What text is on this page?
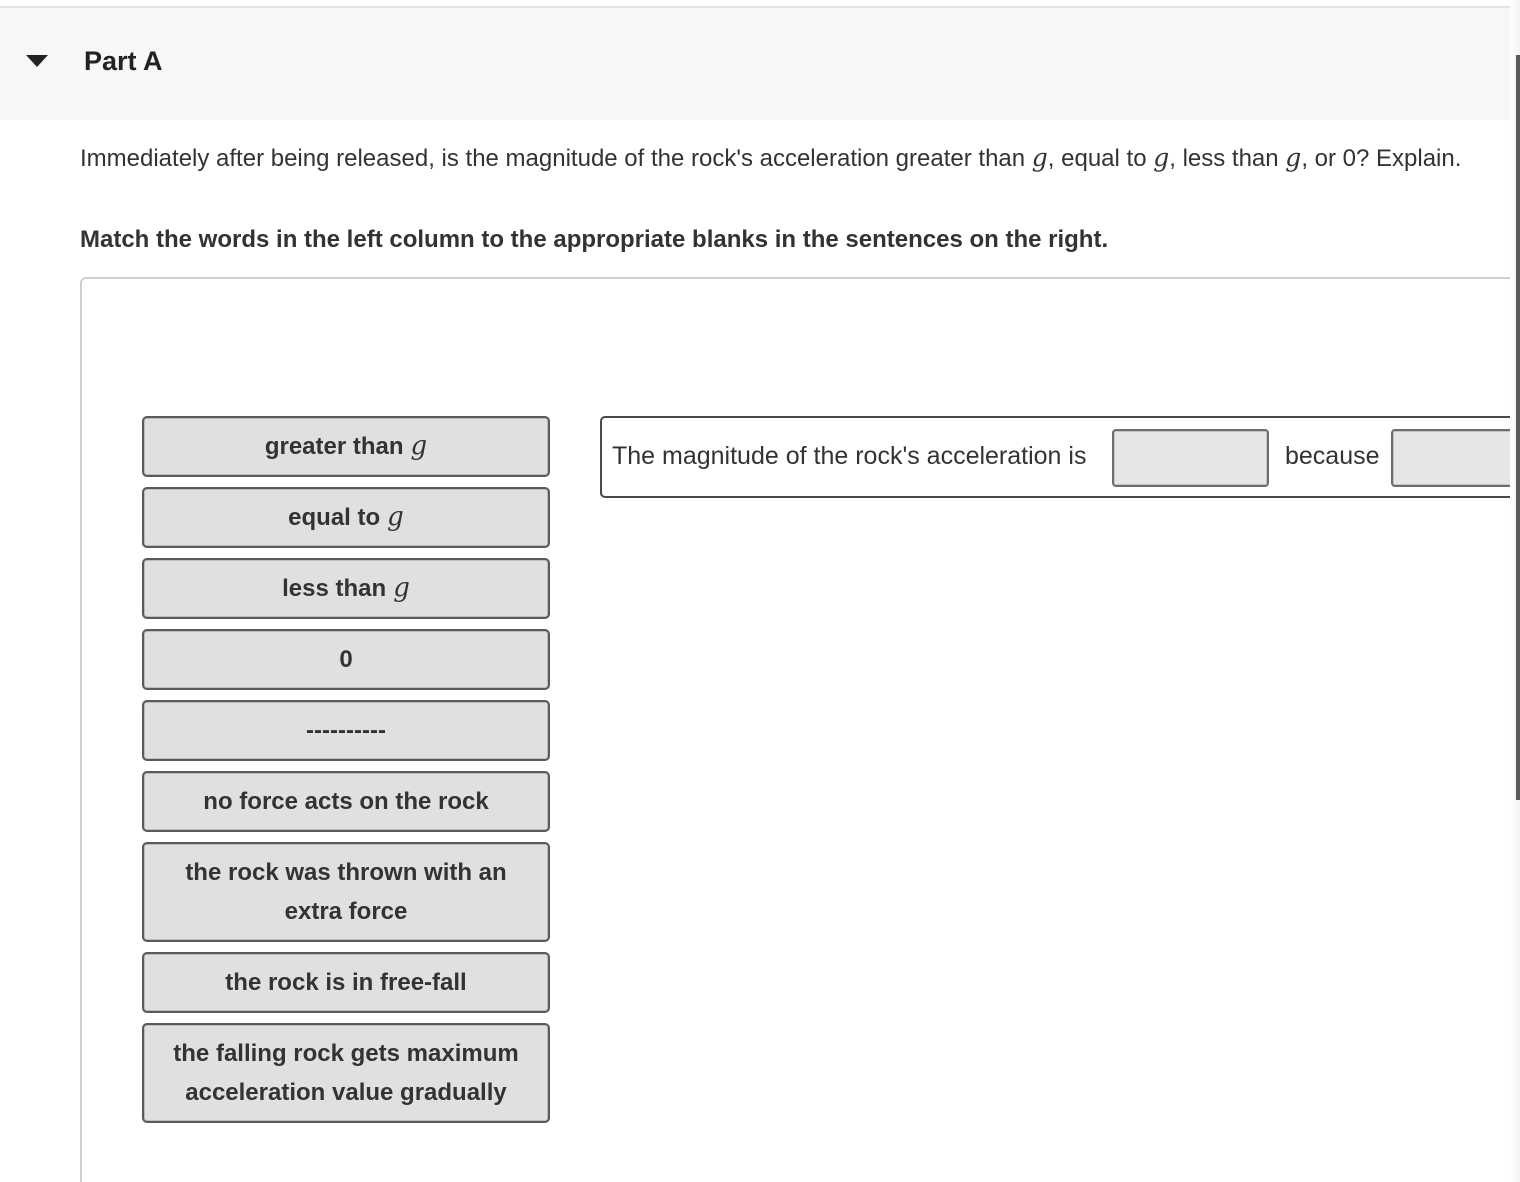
Part A
Immediately after being released, is the magnitude of the rock's acceleration greater than g, equal to g, less than g, or 0? Explain.
Match the words in the left column to the appropriate blanks in the sentences on the right.
greater than g
equal to g
less than g
0
----------
no force acts on the rock
the rock was thrown with an extra force
the rock is in free-fall
the falling rock gets maximum acceleration value gradually
The magnitude of the rock's acceleration is	because
